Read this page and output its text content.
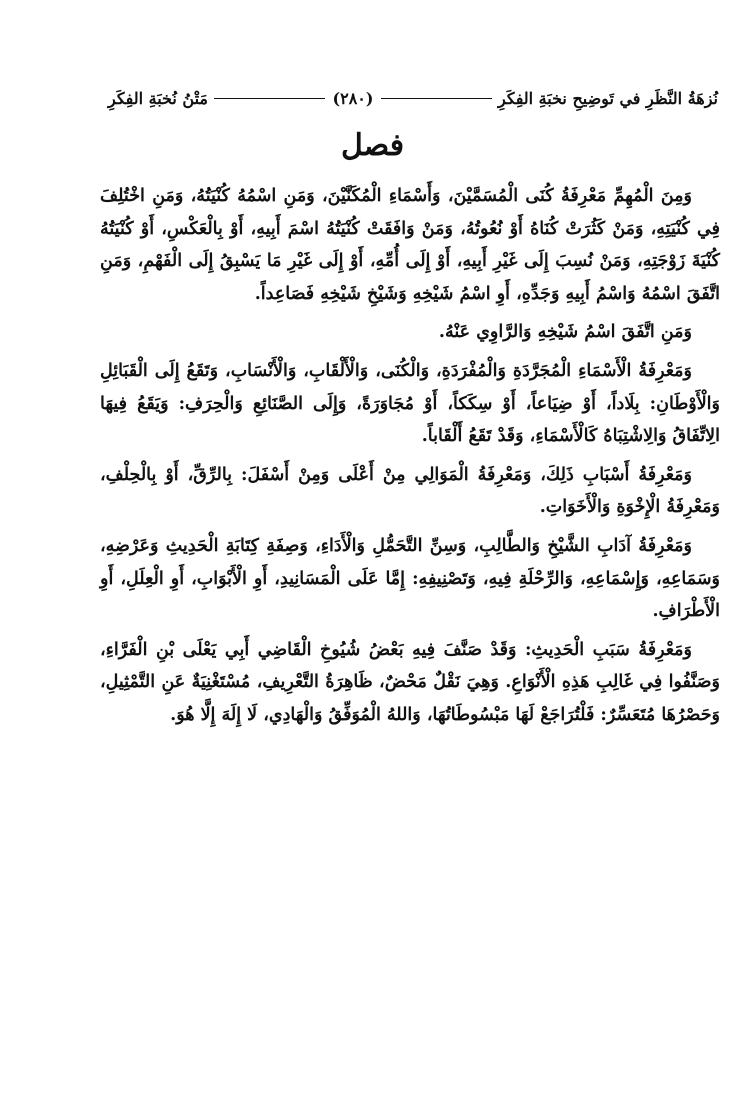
نُزهَةُ النَّظَرِ في تَوضِيحِ نخبَةِ الفِكَرِ
(٢٨٠)
مَتْنُ نُخبَةِ الفِكَرِ
فصل

وَمِنَ الْمُهِمِّ مَعْرِفَةُ كُنَى الْمُسَمَّيْنَ، وَأَسْمَاءِ الْمُكَنَّيْنَ، وَمَنِ اسْمُهُ كُنْيَتُهُ، وَمَنِ اخْتُلِفَ فِي كُنْيَتِهِ، وَمَنْ كَثُرَتْ كُنَاهُ أَوْ نُعُوتُهُ، وَمَنْ وَافَقَتْ كُنْيَتُهُ اسْمَ أَبِيهِ، أَوْ بِالْعَكْسِ، أَوْ كُنْيَتُهُ كُنْيَةَ زَوْجَتِهِ، وَمَنْ نُسِبَ إِلَى غَيْرِ أَبِيهِ، أَوْ إِلَى أُمِّهِ، أَوْ إِلَى غَيْرِ مَا يَسْبِقُ إِلَى الْفَهْمِ، وَمَنِ اتَّفَقَ اسْمُهُ وَاسْمُ أَبِيهِ وَجَدِّهِ، أَوِ اسْمُ شَيْخِهِ وَشَيْخِ شَيْخِهِ فَصَاعِداً.

وَمَنِ اتَّفَقَ اسْمُ شَيْخِهِ وَالرَّاوِي عَنْهُ.

وَمَعْرِفَةُ الْأَسْمَاءِ الْمُجَرَّدَةِ وَالْمُفْرَدَةِ، وَالْكُنَى، وَالْأَلْقَابِ، وَالْأَنْسَابِ، وَتَقَعُ إِلَى الْقَبَائِلِ وَالْأَوْطَانِ: بِلَاداً، أَوْ ضِيَاعاً، أَوْ سِكَكاً، أَوْ مُجَاوَرَةً، وَإِلَى الصَّنَائِعِ وَالْحِرَفِ: وَيَقَعُ فِيهَا الِاتِّفَاقُ وَالِاشْتِبَاهُ كَالْأَسْمَاءِ، وَقَدْ تَقَعُ أَلْقَاباً.

وَمَعْرِفَةُ أَسْبَابِ ذَلِكَ، وَمَعْرِفَةُ الْمَوَالِي مِنْ أَعْلَى وَمِنْ أَسْفَلَ: بِالرِّقِّ، أَوْ بِالْحِلْفِ، وَمَعْرِفَةُ الْإِخْوَةِ وَالْأَخَوَاتِ.

وَمَعْرِفَةُ آدَابِ الشَّيْخِ وَالطَّالِبِ، وَسِنِّ التَّحَمُّلِ وَالْأَدَاءِ، وَصِفَةِ كِتَابَةِ الْحَدِيثِ وَعَرْضِهِ، وَسَمَاعِهِ، وَإِسْمَاعِهِ، وَالرِّحْلَةِ فِيهِ، وَتَصْنِيفِهِ: إِمَّا عَلَى الْمَسَانِيدِ، أَوِ الْأَبْوَابِ، أَوِ الْعِلَلِ، أَوِ الْأَطْرَافِ.

وَمَعْرِفَةُ سَبَبِ الْحَدِيثِ: وَقَدْ صَنَّفَ فِيهِ بَعْضُ شُيُوخِ الْقَاضِي أَبِي يَعْلَى بْنِ الْفَرَّاءِ، وَصَنَّفُوا فِي غَالِبِ هَذِهِ الْأَنْوَاعِ. وَهِيَ نَقْلٌ مَحْضٌ، ظَاهِرَةُ التَّعْرِيفِ، مُسْتَغْنِيَةٌ عَنِ التَّمْثِيلِ، وَحَصْرُهَا مُتَعَسِّرٌ: فَلْتُرَاجَعْ لَهَا مَبْسُوطَاتُهَا، وَاللهُ الْمُوَفِّقُ وَالْهَادِي، لَا إِلَهَ إِلَّا هُوَ.
